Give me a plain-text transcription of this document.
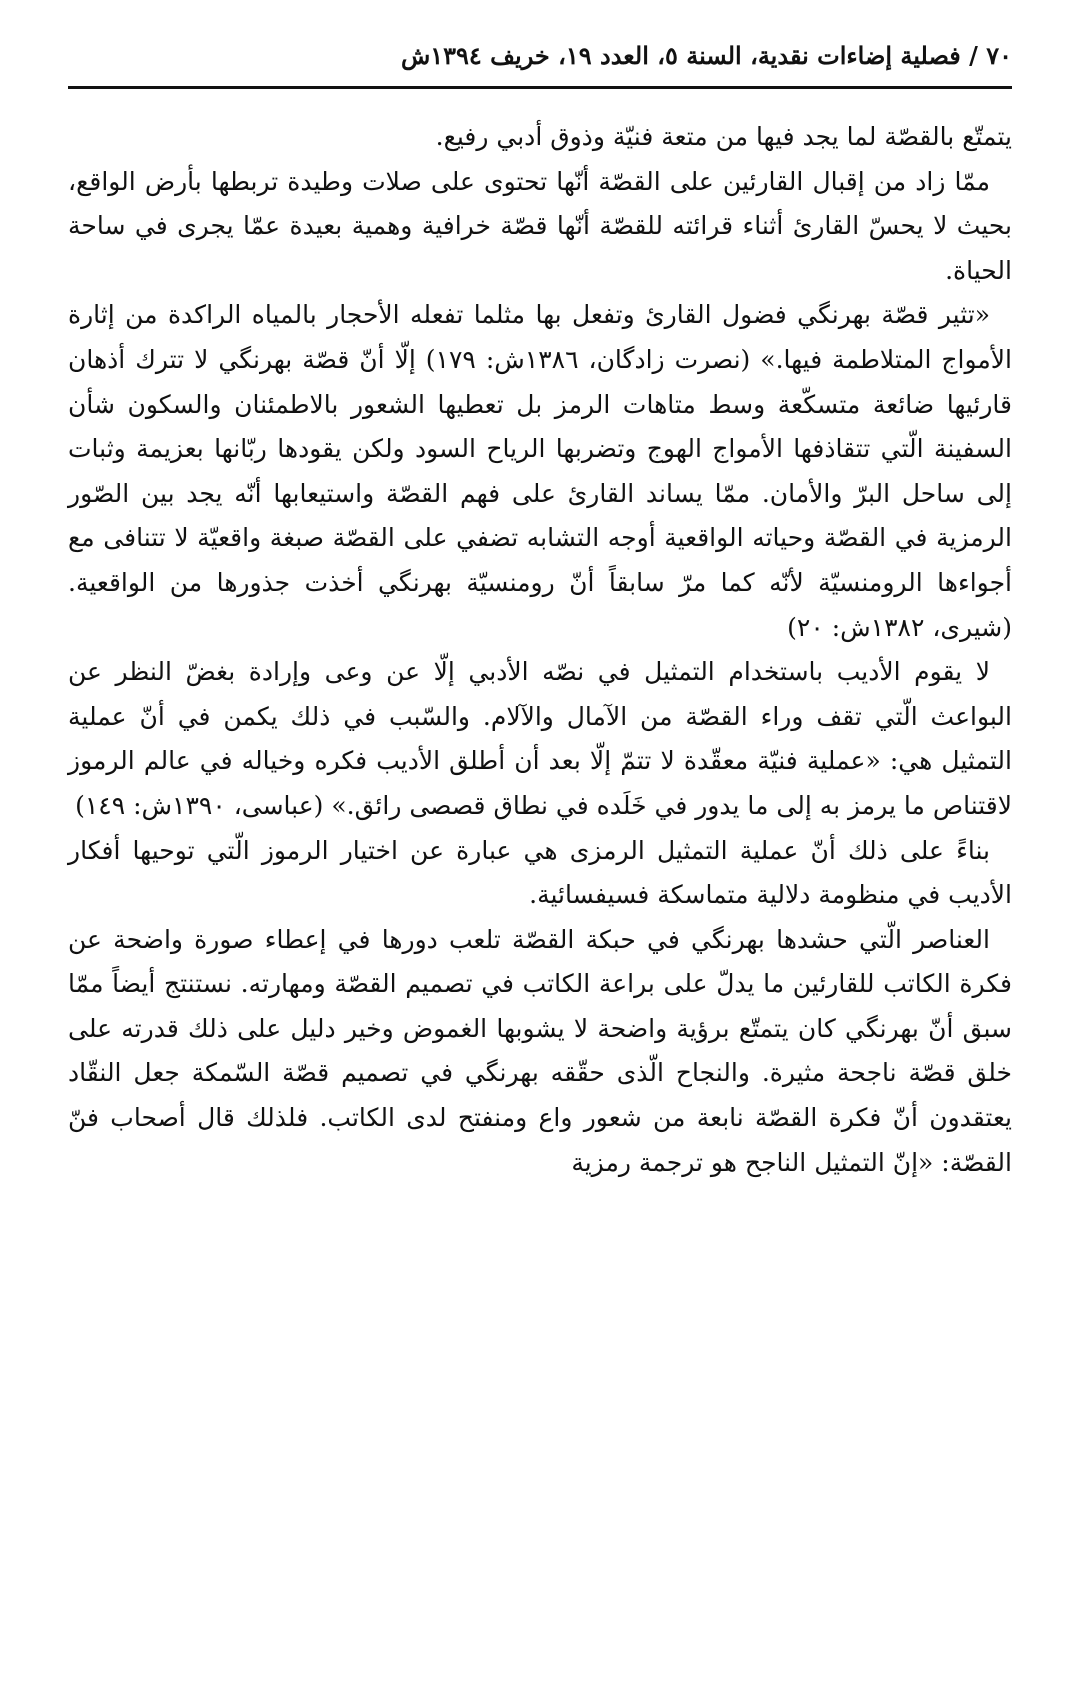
٧٠ / فصلية إضاءات نقدية، السنة ٥، العدد ١٩، خريف ١٣٩٤ش

يتمتّع بالقصّة لما يجد فيها من متعة فنيّة وذوق أدبي رفيع.

ممّا زاد من إقبال القارئين على القصّة أنّها تحتوى على صلات وطيدة تربطها بأرض الواقع، بحيث لا يحسّ القارئ أثناء قرائته للقصّة أنّها قصّة خرافية وهمية بعيدة عمّا يجرى في ساحة الحياة.

«تثير قصّة بهرنگي فضول القارئ وتفعل بها مثلما تفعله الأحجار بالمياه الراكدة من إثارة الأمواج المتلاطمة فيها.» (نصرت زادگان، ١٣٨٦ش: ١٧٩) إلّا أنّ قصّة بهرنگي لا تترك أذهان قارئيها ضائعة متسكّعة وسط متاهات الرمز بل تعطيها الشعور بالاطمئنان والسكون شأن السفينة الّتي تتقاذفها الأمواج الهوج وتضربها الرياح السود ولكن يقودها ربّانها بعزيمة وثبات إلى ساحل البرّ والأمان. ممّا يساند القارئ على فهم القصّة واستيعابها أنّه يجد بين الصّور الرمزية في القصّة وحياته الواقعية أوجه التشابه تضفي على القصّة صبغة واقعيّة لا تتنافى مع أجواءها الرومنسيّة لأنّه كما مرّ سابقاً أنّ رومنسيّة بهرنگي أخذت جذورها من الواقعية. (شيرى، ١٣٨٢ش: ٢٠)

لا يقوم الأديب باستخدام التمثيل في نصّه الأدبي إلّا عن وعى وإرادة بغضّ النظر عن البواعث الّتي تقف وراء القصّة من الآمال والآلام. والسّبب في ذلك يكمن في أنّ عملية التمثيل هي: «عملية فنيّة معقّدة لا تتمّ إلّا بعد أن أطلق الأديب فكره وخياله في عالم الرموز لاقتناص ما يرمز به إلى ما يدور في خَلَده في نطاق قصصى رائق.» (عباسى، ١٣٩٠ش: ١٤٩)

بناءً على ذلك أنّ عملية التمثيل الرمزى هي عبارة عن اختيار الرموز الّتي توحيها أفكار الأديب في منظومة دلالية متماسكة فسيفسائية.

العناصر الّتي حشدها بهرنگي في حبكة القصّة تلعب دورها في إعطاء صورة واضحة عن فكرة الكاتب للقارئين ما يدلّ على براعة الكاتب في تصميم القصّة ومهارته. نستنتج أيضاً ممّا سبق أنّ بهرنگي كان يتمتّع برؤية واضحة لا يشوبها الغموض وخير دليل على ذلك قدرته على خلق قصّة ناجحة مثيرة. والنجاح الّذى حقّقه بهرنگي في تصميم قصّة السّمكة جعل النقّاد يعتقدون أنّ فكرة القصّة نابعة من شعور واع ومنفتح لدى الكاتب. فلذلك قال أصحاب فنّ القصّة: «إنّ التمثيل الناجح هو ترجمة رمزية
